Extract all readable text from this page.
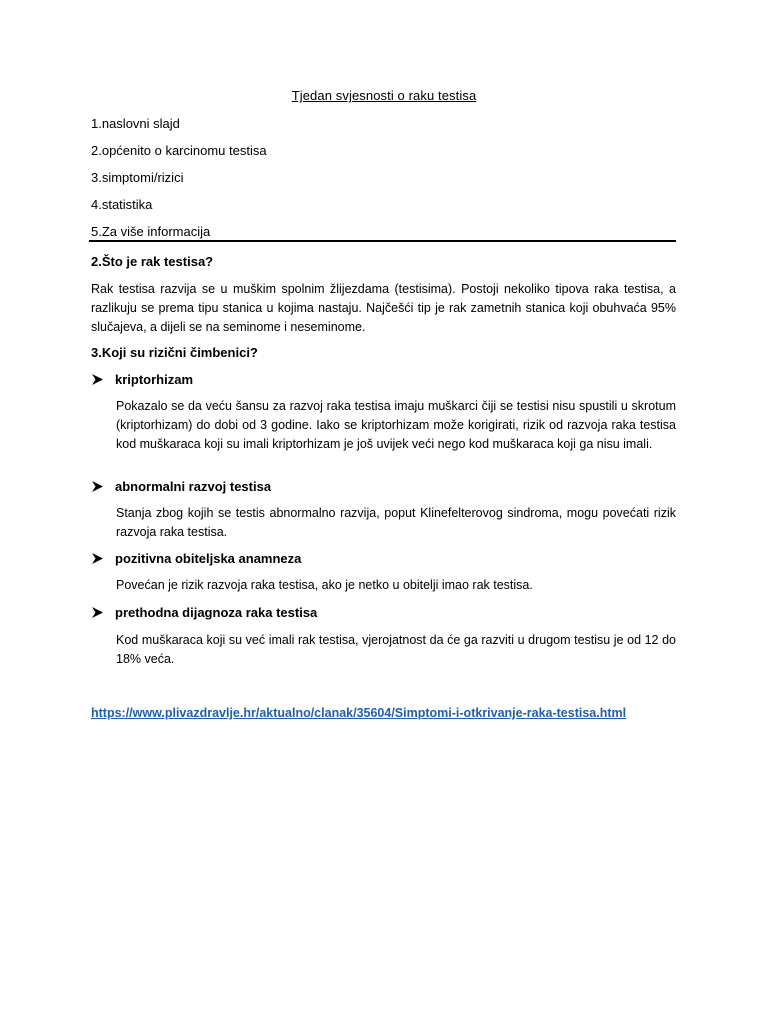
Tjedan svjesnosti o raku testisa
1.naslovni slajd
2.općenito o karcinomu testisa
3.simptomi/rizici
4.statistika
5.Za više informacija
2.Što je rak testisa?

Rak testisa razvija se u muškim spolnim žlijezdama (testisima). Postoji nekoliko tipova raka testisa, a razlikuju se prema tipu stanica u kojima nastaju. Najčešći tip je rak zametnih stanica koji obuhvaća 95% slučajeva, a dijeli se na seminome i neseminome.

3.Koji su rizični čimbenici?
kriptorhizam

Pokazalo se da veću šansu za razvoj raka testisa imaju muškarci čiji se testisi nisu spustili u skrotum (kriptorhizam) do dobi od 3 godine. Iako se kriptorhizam može korigirati, rizik od razvoja raka testisa kod muškaraca koji su imali kriptorhizam je još uvijek veći nego kod muškaraca koji ga nisu imali.

abnormalni razvoj testisa

Stanja zbog kojih se testis abnormalno razvija, poput Klinefelterovog sindroma, mogu povećati rizik razvoja raka testisa.

pozitivna obiteljska anamneza

Povećan je rizik razvoja raka testisa, ako je netko u obitelji imao rak testisa.

prethodna dijagnoza raka testisa

Kod muškaraca koji su već imali rak testisa, vjerojatnost da će ga razviti u drugom testisu je od 12 do 18% veća.

https://www.plivazdravlje.hr/aktualno/clanak/35604/Simptomi-i-otkrivanje-raka-testisa.html
